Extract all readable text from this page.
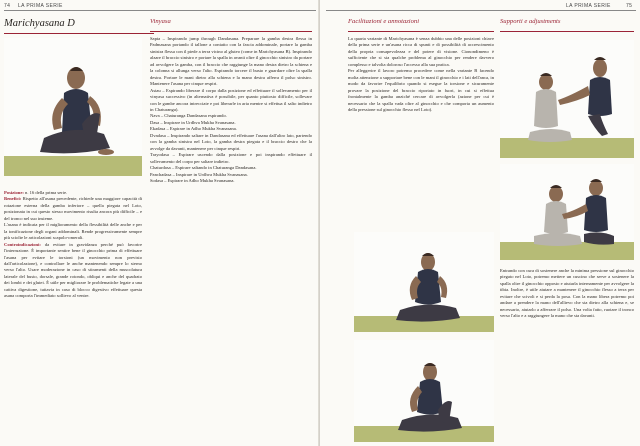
74 LA PRIMA SERIE
Marichyasana D

Posizione: n. 16 della prima serie.

Benefici: Rispetto all'asana precedente, richiede una maggiore capacità di rotazione esterna della gamba inferiore – quella piegata nel Loto, posizionata in cui questo stesso movimento risulta ancora più difficile – e del tronco nel suo insieme.

L'asana è indicata per il miglioramento della flessibilità delle anche e per la tonificazione degli organi addominali. Rende progressivamente sempre più sciolte le articolazioni scapolo-omerali.

Controindicazioni: da evitare in gravidanza perché può favorire l'interruzione. È importante sentire bene il ginocchio prima di effettuare l'asana per evitare le torsioni (un movimento non previsto dall'articolazione), e controllare le anche mantenendo sempre lo sterno verso l'alto. Usare moderazione in caso di stiramenti della muscolatura laterale del busto, dorsale, grande rotondo, obliqui e anche del quadrato dei lombi e dei glutei. È utile per migliorare le problematiche legate a una cattiva digestione, tuttavia in caso di blocco digestivo effettuare questa asana comporta l'immediato sollievo al ventre.

Vinyasa

Sapta – Inspirando jump through Dandasana. Preparare la gamba destra flessa in Padmasana portando il tallone a contatto con la fascia addominale, portare la gamba sinistra flessa con il piede a terra vicino al gluteo (come in Marichyasana B). Inspirando alzare il braccio sinistro e portare la spalla in avanti oltre il ginocchio sinistro da portare ad avvolgere la gamba, con il braccio che raggiunge la mano destra dietro la schiena e la colonna si allunga verso l'alto. Espirando torcere il busto e guardare oltre la spalla destra. Portare le mani dietro alla schiena e la mano destra afferra il polso sinistro. Mantenere l'asana per cinque respiri.

Astau – Espirando liberare il corpo dalla posizione ed effettuare il sollevamento per il vinyasa successivo (in alternativa è possibile, per quanto piuttosto difficile, sollevare con le gambe ancora intrecciate e poi liberarle in aria mentre si effettua il salto indietro in Chaturanga).

Nava – Chaturanga Dandasana espirando.

Dasa – Inspirare in Urdhva Mukha Svanasana.

Ekadasa – Espirare in Adho Mukha Svanasana.

Dvadasa – Inspirando saltare in Dandasana ed effettuare l'asana dall'altro lato, partendo con la gamba sinistra nel Loto, la gamba destra piegata e il braccio destro che la avvolge da davanti, mantenere per cinque respiri.

Trayodasa – Espirare uscendo dalla posizione e poi inspirando effettuare il sollevamento del corpo per saltare indietro.

Chaturdasa – Espirare saltando in Chaturanga Dandasana.

Panchadasa – Inspirare in Urdhva Mukha Svanasana.

Sodasa – Espirare in Adho Mukha Svanasana.

LA PRIMA SERIE	75
Facilitazioni e annotazioni

La quarta variante di Marichyasana è senza dubbio una delle posizioni chiave della prima serie e un'asana ricca di spunti e di possibilità di accrescimento della propria consapevolezza e del potere di visione. Cionondimeno è sufficiente che si sia qualche problema al ginocchio per rendere davvero complesso e talvolta doloroso l'accesso alla sua pratica.

Per alleggerire il lavoro potremo procedere come nella variante B facendo molta attenzione a supportare bene con le mani il ginocchio e i lati dell'anca, in modo da favorire l'equilibrio quando si esegue la torsione e sicuramente provare la posizione del braccio riportato in fuori, in cui si effettua frontalmente la gamba anziché cercare di avvolgerla (azione per cui è necessario che la spalla vada oltre al ginocchio e che comporta un aumento della pressione sul ginocchio flesso nel Loto).

Supporti e adjustments

Entrando con cura di sostenere anche la minima pressione sul ginocchio piegato nel Loto, potremo mettere un cuscino che serve a sostenere la spalla oltre il ginocchio opposto e aiutarla internamente per avvolgere la tibia. Inoltre, è utile aiutare a mantenere il ginocchio flesso a terra per evitare che scivoli e si perda la posa. Con la mano libera potremo poi andare a prendere la mano dell'allievo che sta dietro alla schiena e, se necessario, aiutarlo a afferrare il polso. Una volta fatto, ruotare il tronco verso l'alto e a raggiungere la mano che sta davanti.
